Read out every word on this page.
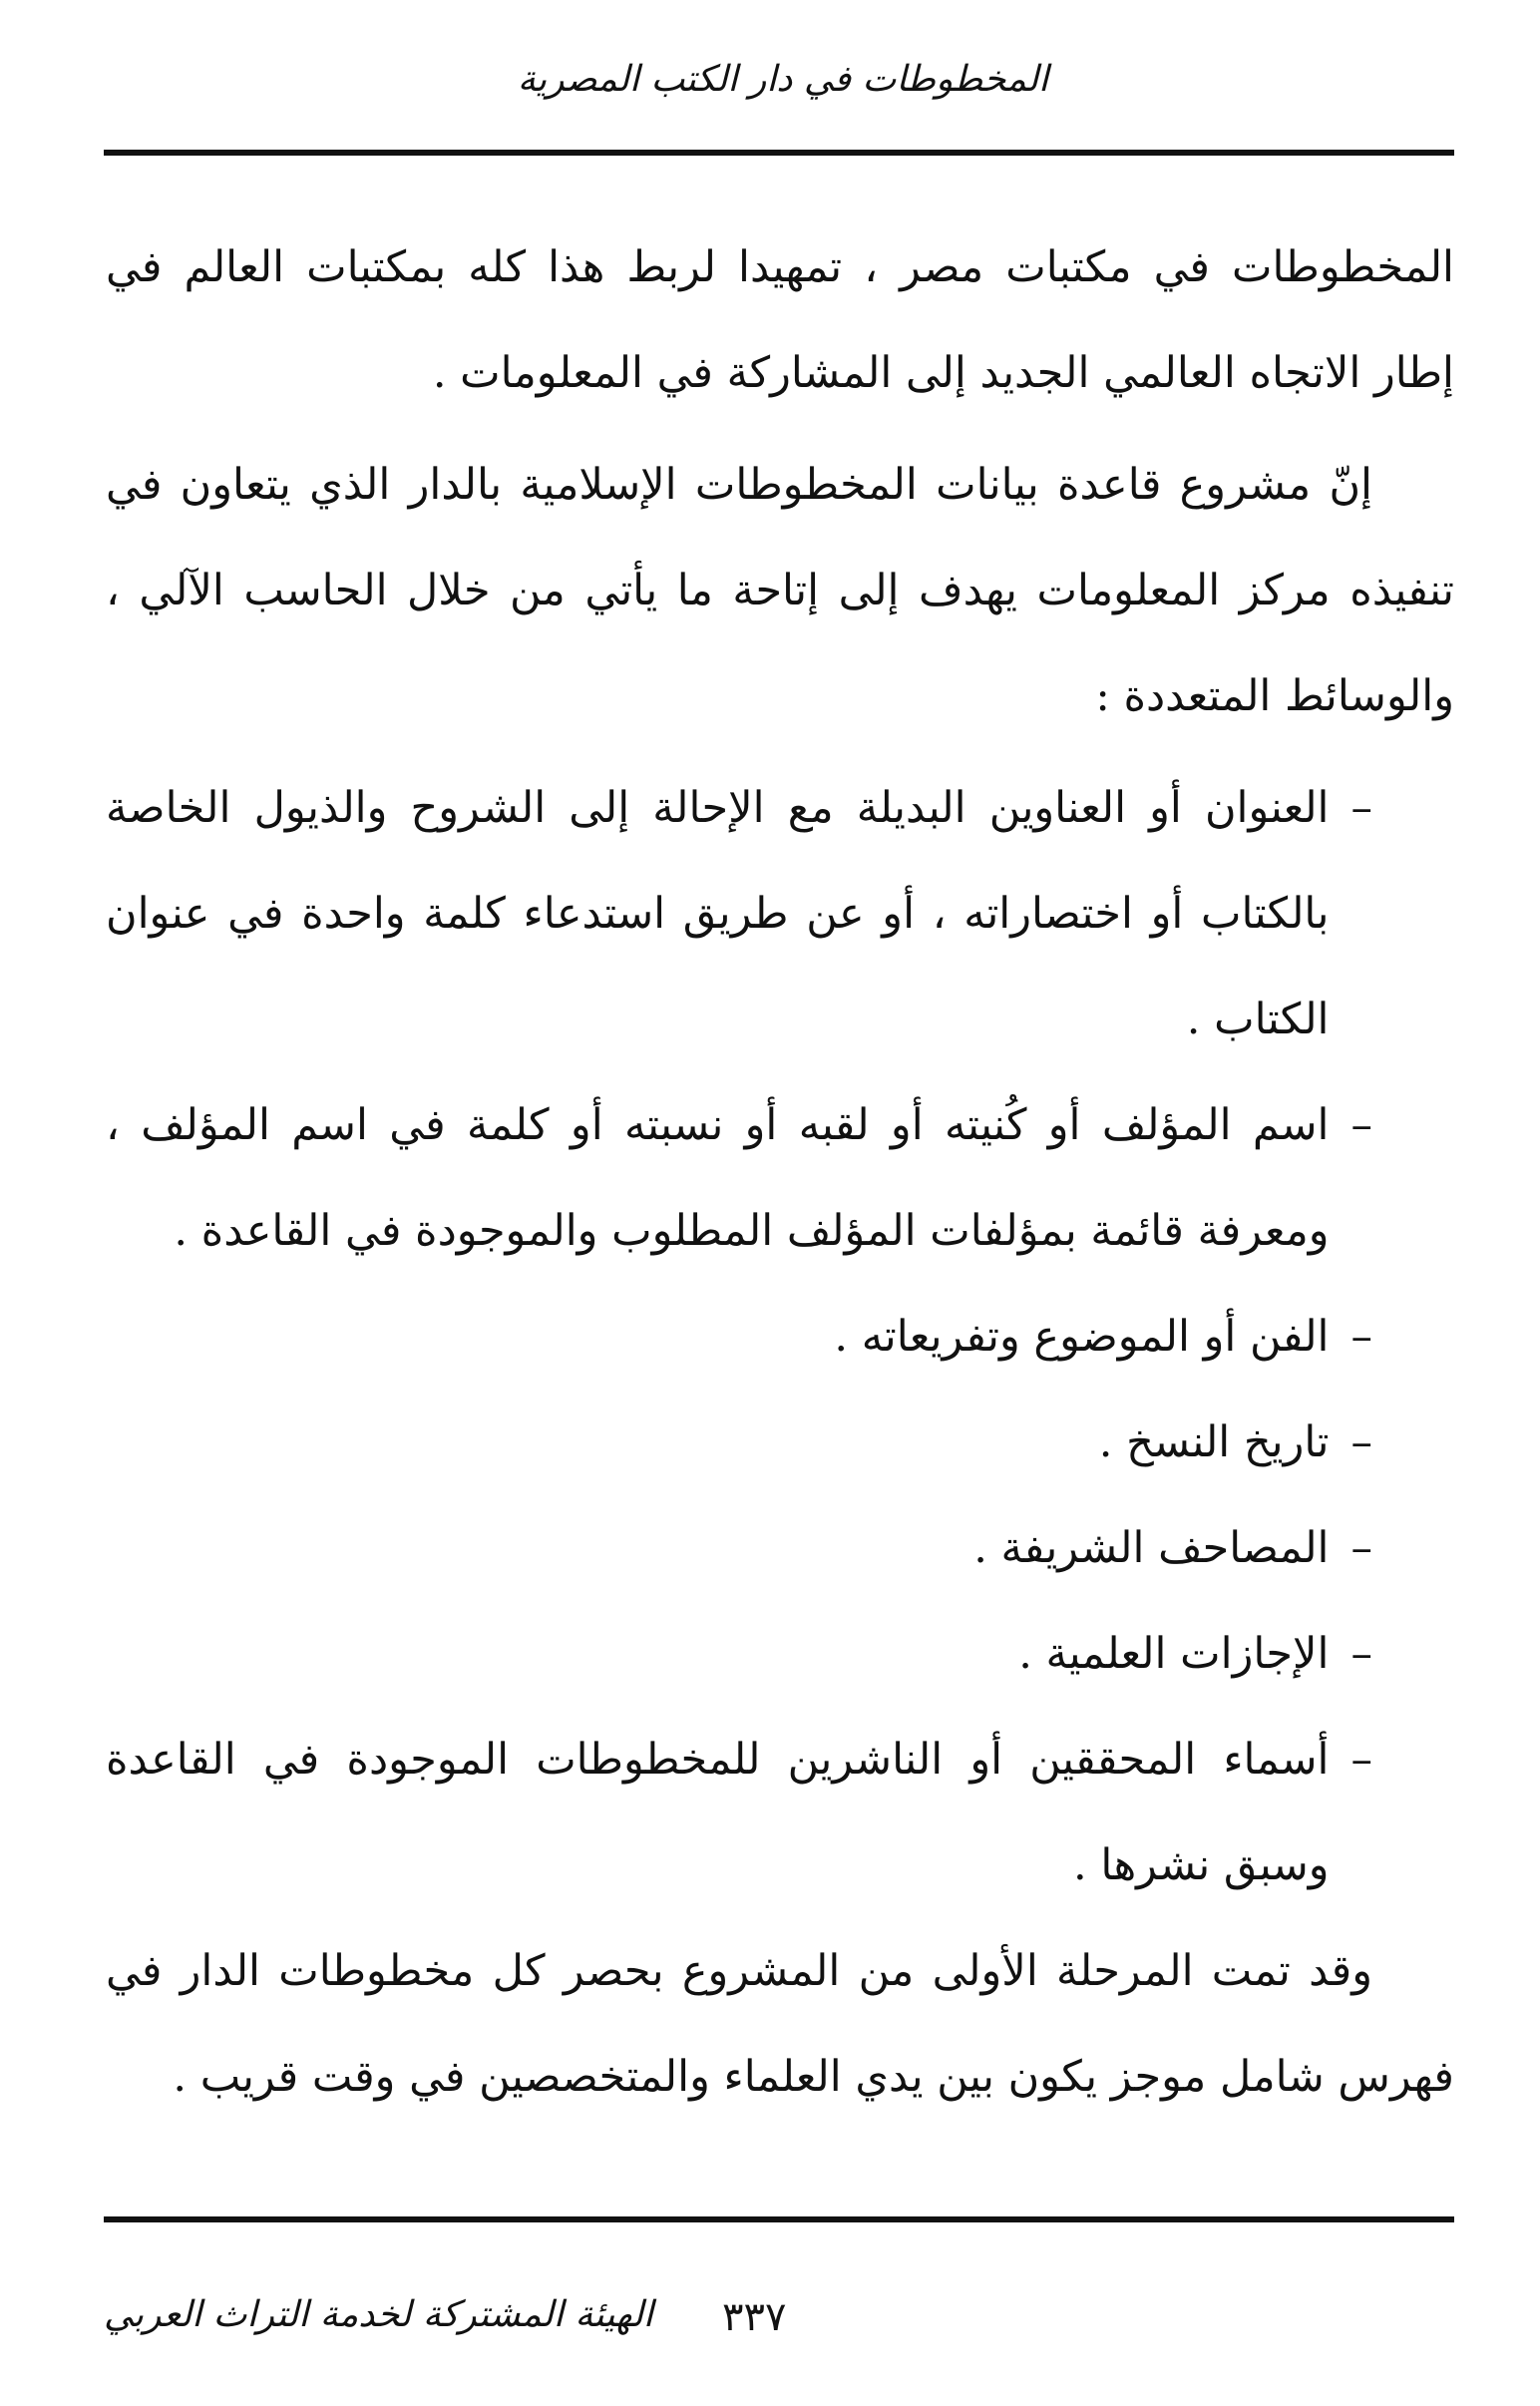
المخطوطات في دار الكتب المصرية

المخطوطات في مكتبات مصر ، تمهيدا لربط هذا كله بمكتبات العالم في إطار الاتجاه العالمي الجديد إلى المشاركة في المعلومات .

إنّ مشروع قاعدة بيانات المخطوطات الإسلامية بالدار الذي يتعاون في تنفيذه مركز المعلومات يهدف إلى إتاحة ما يأتي من خلال الحاسب الآلي ، والوسائط المتعددة :

–
العنوان أو العناوين البديلة مع الإحالة إلى الشروح والذيول الخاصة بالكتاب أو اختصاراته ، أو عن طريق استدعاء كلمة واحدة في عنوان الكتاب .
–
اسم المؤلف أو كُنيته أو لقبه أو نسبته أو كلمة في اسم المؤلف ، ومعرفة قائمة بمؤلفات المؤلف المطلوب والموجودة في القاعدة .
–
الفن أو الموضوع وتفريعاته .
–
تاريخ النسخ .
–
المصاحف الشريفة .
–
الإجازات العلمية .
–
أسماء المحققين أو الناشرين للمخطوطات الموجودة في القاعدة وسبق نشرها .

وقد تمت المرحلة الأولى من المشروع بحصر كل مخطوطات الدار في فهرس شامل موجز يكون بين يدي العلماء والمتخصصين في وقت قريب .

٣٣٧
الهيئة المشتركة لخدمة التراث العربي
